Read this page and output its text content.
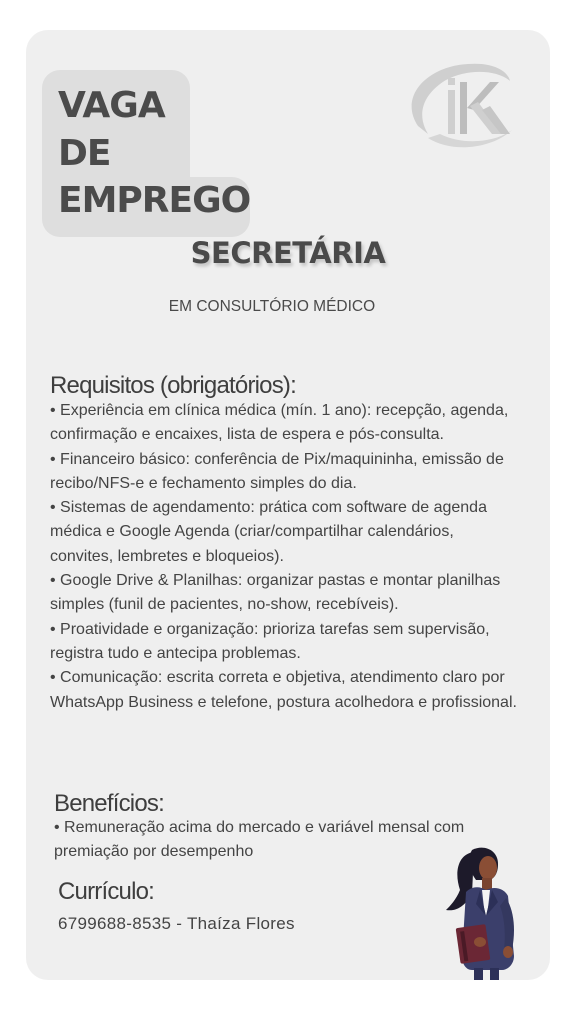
VAGA
DE
EMPREGO
SECRETÁRIA
EM CONSULTÓRIO MÉDICO
Requisitos (obrigatórios):
• Experiência em clínica médica (mín. 1 ano): recepção, agenda, confirmação e encaixes, lista de espera e pós-consulta.
• Financeiro básico: conferência de Pix/maquininha, emissão de recibo/NFS-e e fechamento simples do dia.
• Sistemas de agendamento: prática com software de agenda médica e Google Agenda (criar/compartilhar calendários, convites, lembretes e bloqueios).
• Google Drive & Planilhas: organizar pastas e montar planilhas simples (funil de pacientes, no-show, recebíveis).
• Proatividade e organização: prioriza tarefas sem supervisão, registra tudo e antecipa problemas.
• Comunicação: escrita correta e objetiva, atendimento claro por WhatsApp Business e telefone, postura acolhedora e profissional.
Benefícios:
• Remuneração acima do mercado e variável mensal com premiação por desempenho
Currículo:
6799688-8535 - Thaíza Flores
